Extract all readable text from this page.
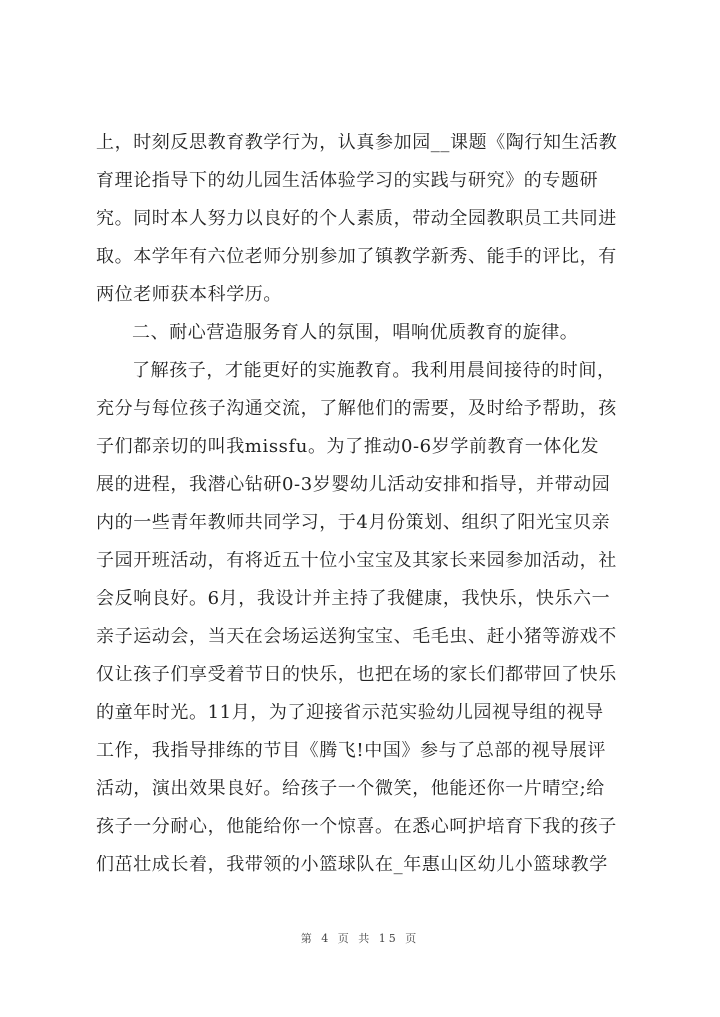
上，时刻反思教育教学行为，认真参加园__课题《陶行知生活教
育理论指导下的幼儿园生活体验学习的实践与研究》的专题研
究。同时本人努力以良好的个人素质，带动全园教职员工共同进
取。本学年有六位老师分别参加了镇教学新秀、能手的评比，有
两位老师获本科学历。
二、耐心营造服务育人的氛围，唱响优质教育的旋律。
了解孩子，才能更好的实施教育。我利用晨间接待的时间，
充分与每位孩子沟通交流，了解他们的需要，及时给予帮助，孩
子们都亲切的叫我missfu。为了推动0-6岁学前教育一体化发
展的进程，我潜心钻研0-3岁婴幼儿活动安排和指导，并带动园
内的一些青年教师共同学习，于4月份策划、组织了阳光宝贝亲
子园开班活动，有将近五十位小宝宝及其家长来园参加活动，社
会反响良好。6月，我设计并主持了我健康，我快乐，快乐六一
亲子运动会，当天在会场运送狗宝宝、毛毛虫、赶小猪等游戏不
仅让孩子们享受着节日的快乐，也把在场的家长们都带回了快乐
的童年时光。11月，为了迎接省示范实验幼儿园视导组的视导
工作，我指导排练的节目《腾飞!中国》参与了总部的视导展评
活动，演出效果良好。给孩子一个微笑，他能还你一片晴空;给
孩子一分耐心，他能给你一个惊喜。在悉心呵护培育下我的孩子
们茁壮成长着，我带领的小篮球队在_年惠山区幼儿小篮球教学
第 4 页 共 15 页
